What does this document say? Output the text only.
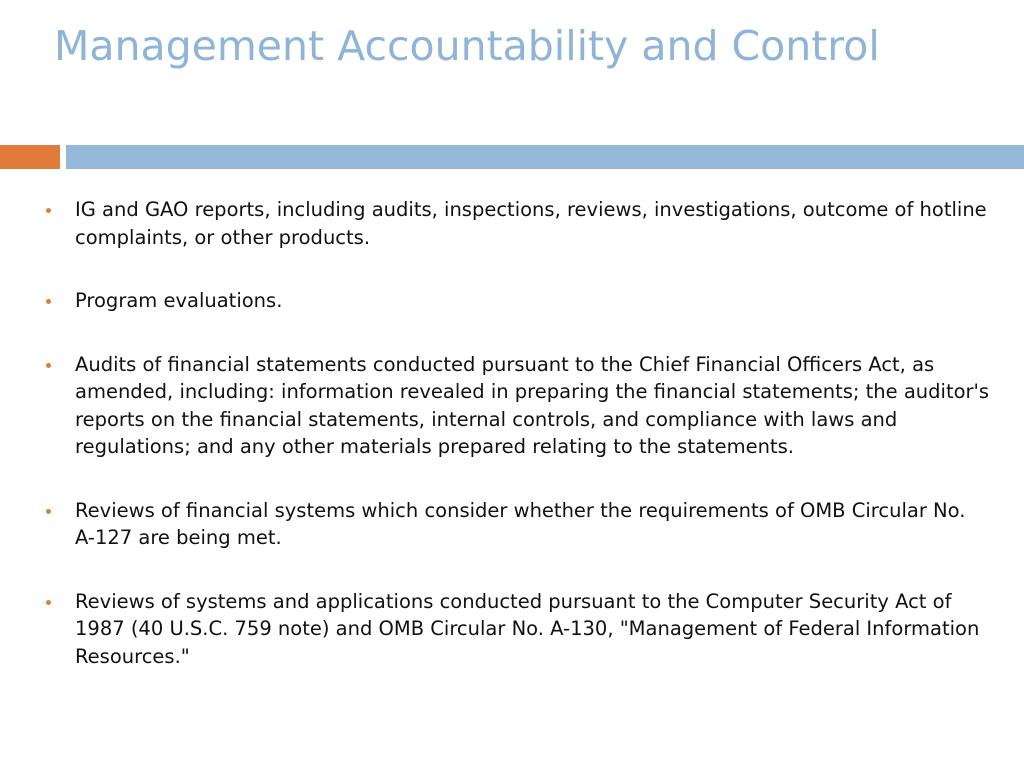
Management Accountability and Control
IG and GAO reports, including audits, inspections, reviews, investigations, outcome of hotline complaints, or other products.
Program evaluations.
Audits of financial statements conducted pursuant to the Chief Financial Officers Act, as amended, including: information revealed in preparing the financial statements; the auditor's reports on the financial statements, internal controls, and compliance with laws and regulations; and any other materials prepared relating to the statements.
Reviews of financial systems which consider whether the requirements of OMB Circular No. A-127 are being met.
Reviews of systems and applications conducted pursuant to the Computer Security Act of 1987 (40 U.S.C. 759 note) and OMB Circular No. A-130, "Management of Federal Information Resources."
